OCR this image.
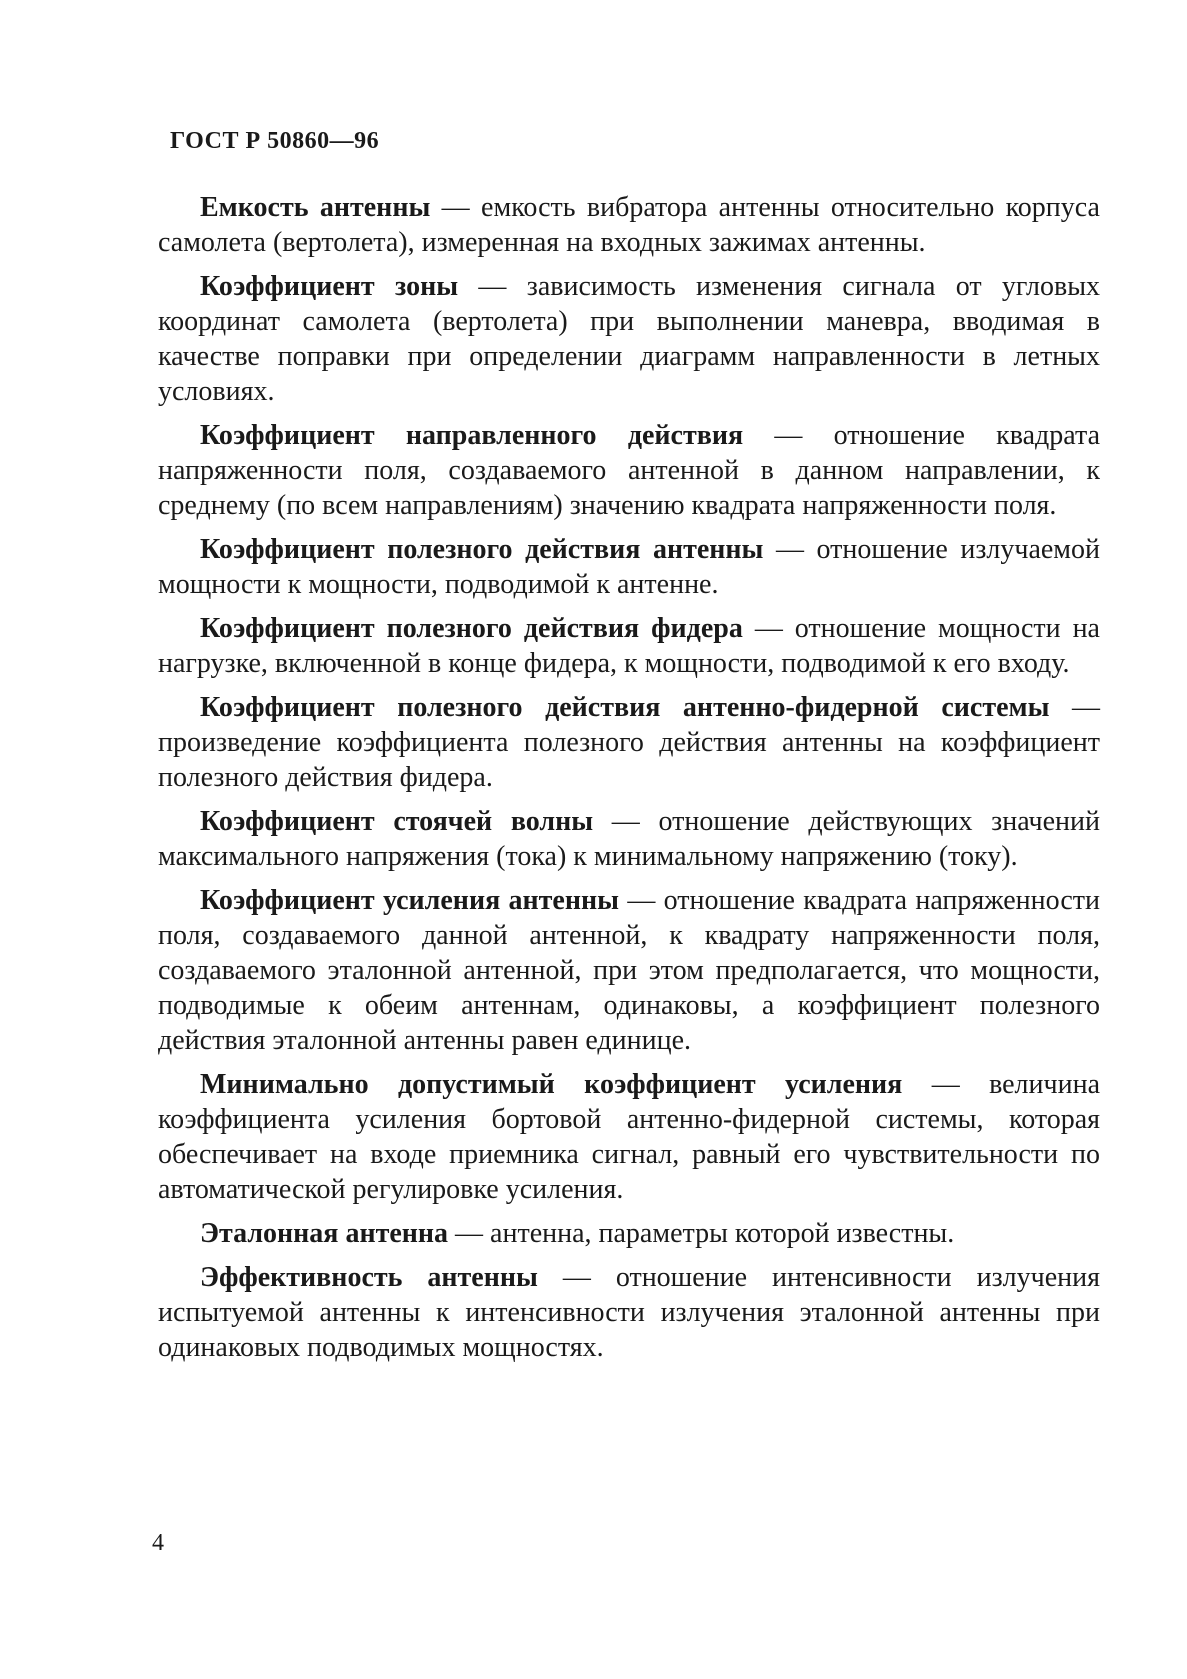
ГОСТ Р 50860—96

Емкость антенны — емкость вибратора антенны относительно корпуса самолета (вертолета), измеренная на входных зажимах антенны.

Коэффициент зоны — зависимость изменения сигнала от угловых координат самолета (вертолета) при выполнении маневра, вводимая в качестве поправки при определении диаграмм направленности в летных условиях.

Коэффициент направленного действия — отношение квадрата напряженности поля, создаваемого антенной в данном направлении, к среднему (по всем направлениям) значению квадрата напряженности поля.

Коэффициент полезного действия антенны — отношение излучаемой мощности к мощности, подводимой к антенне.

Коэффициент полезного действия фидера — отношение мощности на нагрузке, включенной в конце фидера, к мощности, подводимой к его входу.

Коэффициент полезного действия антенно-фидерной системы — произведение коэффициента полезного действия антенны на коэффициент полезного действия фидера.

Коэффициент стоячей волны — отношение действующих значений максимального напряжения (тока) к минимальному напряжению (току).

Коэффициент усиления антенны — отношение квадрата напряженности поля, создаваемого данной антенной, к квадрату напряженности поля, создаваемого эталонной антенной, при этом предполагается, что мощности, подводимые к обеим антеннам, одинаковы, а коэффициент полезного действия эталонной антенны равен единице.

Минимально допустимый коэффициент усиления — величина коэффициента усиления бортовой антенно-фидерной системы, которая обеспечивает на входе приемника сигнал, равный его чувствительности по автоматической регулировке усиления.

Эталонная антенна — антенна, параметры которой известны.

Эффективность антенны — отношение интенсивности излучения испытуемой антенны к интенсивности излучения эталонной антенны при одинаковых подводимых мощностях.

4
